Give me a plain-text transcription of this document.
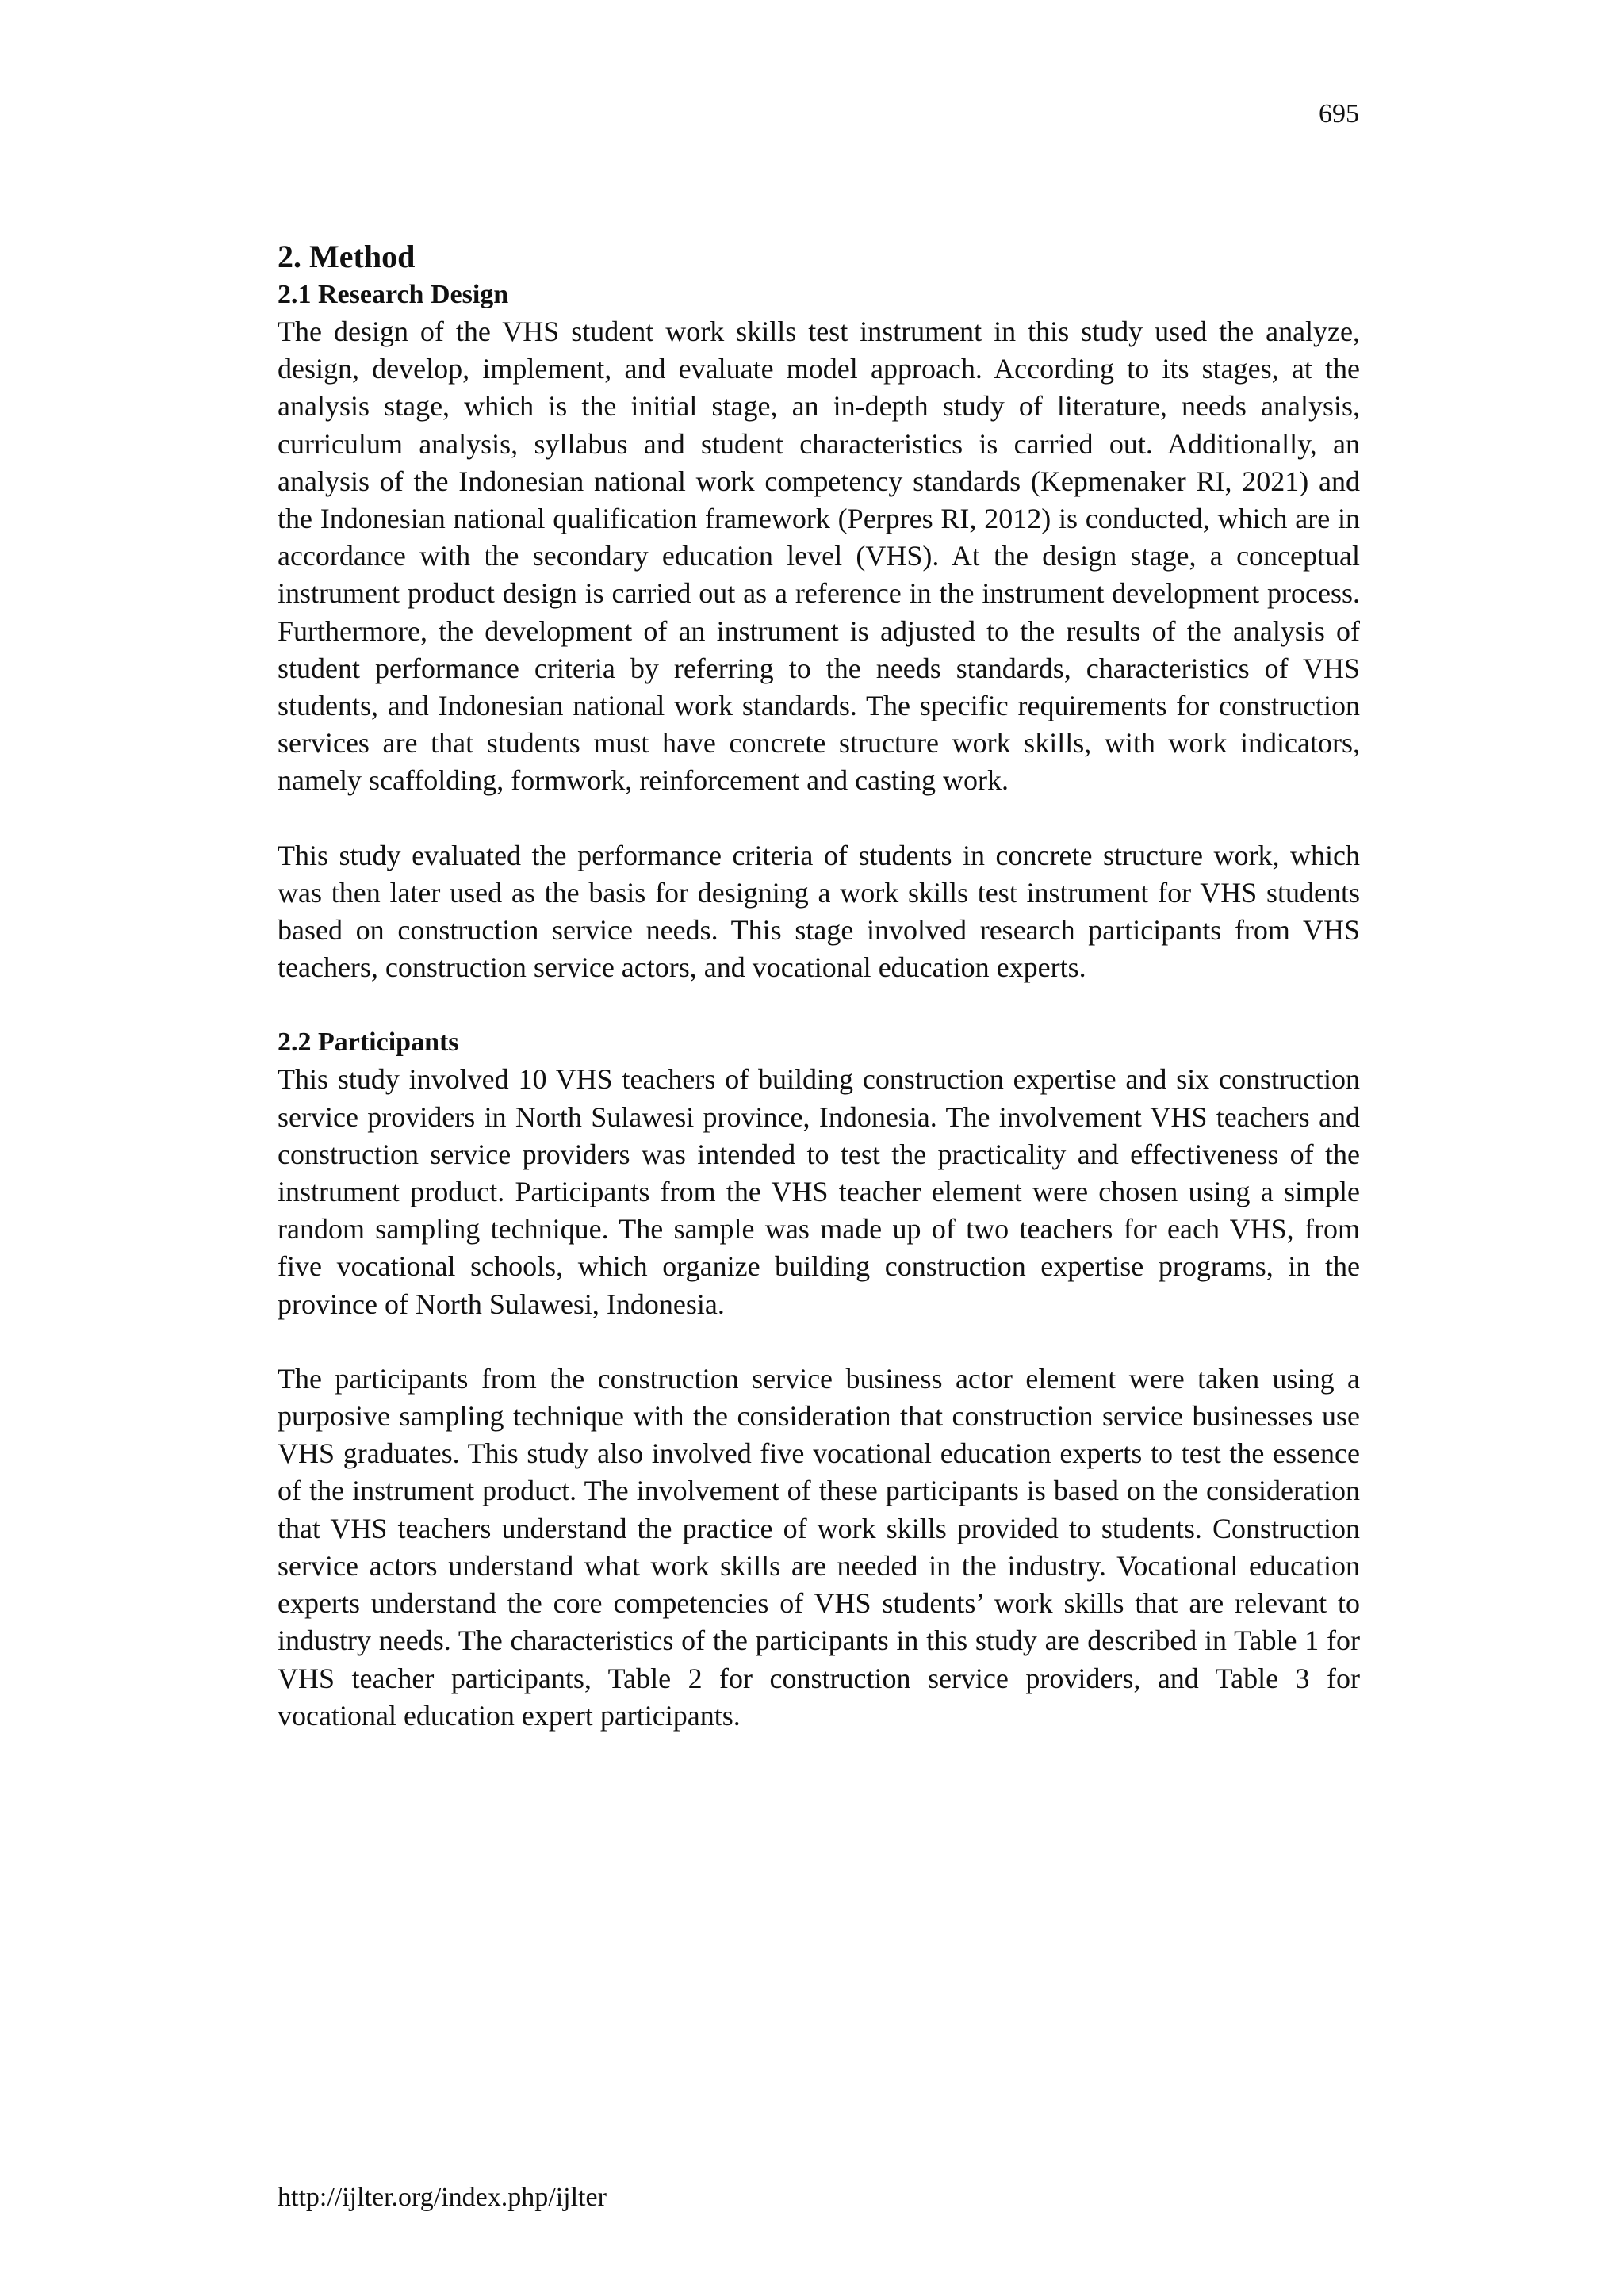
695
2. Method
2.1 Research Design

The design of the VHS student work skills test instrument in this study used the analyze, design, develop, implement, and evaluate model approach. According to its stages, at the analysis stage, which is the initial stage, an in-depth study of literature, needs analysis, curriculum analysis, syllabus and student characteristics is carried out. Additionally, an analysis of the Indonesian national work competency standards (Kepmenaker RI, 2021) and the Indonesian national qualification framework (Perpres RI, 2012) is conducted, which are in accordance with the secondary education level (VHS). At the design stage, a conceptual instrument product design is carried out as a reference in the instrument development process. Furthermore, the development of an instrument is adjusted to the results of the analysis of student performance criteria by referring to the needs standards, characteristics of VHS students, and Indonesian national work standards. The specific requirements for construction services are that students must have concrete structure work skills, with work indicators, namely scaffolding, formwork, reinforcement and casting work.

This study evaluated the performance criteria of students in concrete structure work, which was then later used as the basis for designing a work skills test instrument for VHS students based on construction service needs. This stage involved research participants from VHS teachers, construction service actors, and vocational education experts.

2.2 Participants

This study involved 10 VHS teachers of building construction expertise and six construction service providers in North Sulawesi province, Indonesia. The involvement VHS teachers and construction service providers was intended to test the practicality and effectiveness of the instrument product. Participants from the VHS teacher element were chosen using a simple random sampling technique. The sample was made up of two teachers for each VHS, from five vocational schools, which organize building construction expertise programs, in the province of North Sulawesi, Indonesia.

The participants from the construction service business actor element were taken using a purposive sampling technique with the consideration that construction service businesses use VHS graduates. This study also involved five vocational education experts to test the essence of the instrument product. The involvement of these participants is based on the consideration that VHS teachers understand the practice of work skills provided to students. Construction service actors understand what work skills are needed in the industry. Vocational education experts understand the core competencies of VHS students’ work skills that are relevant to industry needs. The characteristics of the participants in this study are described in Table 1 for VHS teacher participants, Table 2 for construction service providers, and Table 3 for vocational education expert participants.

http://ijlter.org/index.php/ijlter
